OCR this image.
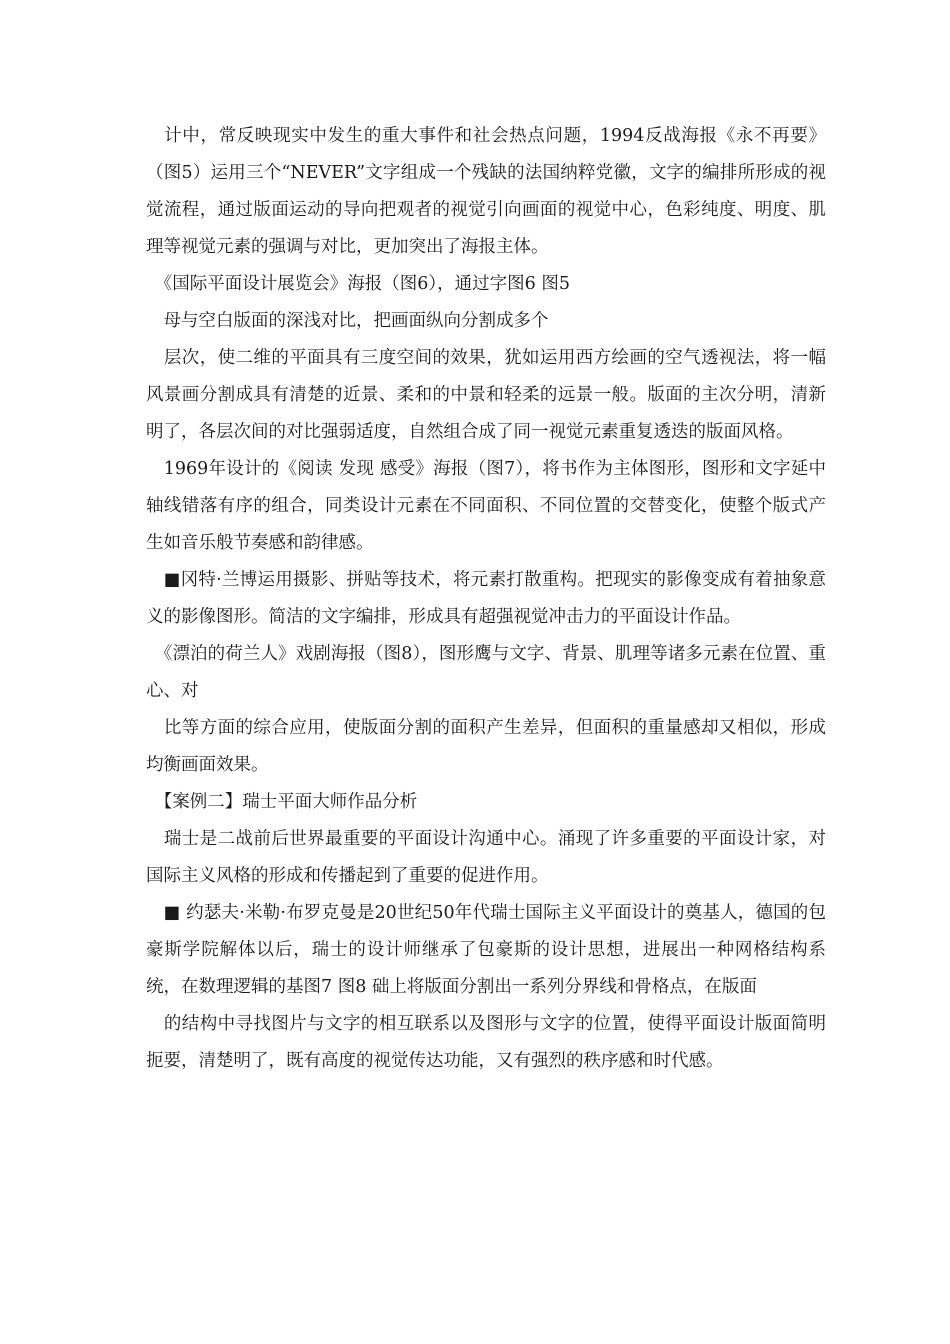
　计中，常反映现实中发生的重大事件和社会热点问题，1994反战海报《永不再要》（图5）运用三个“NEVER”文字组成一个残缺的法国纳粹党徽，文字的编排所形成的视觉流程，通过版面运动的导向把观者的视觉引向画面的视觉中心，色彩纯度、明度、肌理等视觉元素的强调与对比，更加突出了海报主体。

　《国际平面设计展览会》海报（图6），通过字图6 图5

　母与空白版面的深浅对比，把画面纵向分割成多个

　层次，使二维的平面具有三度空间的效果，犹如运用西方绘画的空气透视法，将一幅风景画分割成具有清楚的近景、柔和的中景和轻柔的远景一般。版面的主次分明，清新明了，各层次间的对比强弱适度，自然组合成了同一视觉元素重复透迭的版面风格。

　1969年设计的《阅读 发现 感受》海报（图7），将书作为主体图形，图形和文字延中轴线错落有序的组合，同类设计元素在不同面积、不同位置的交替变化，使整个版式产生如音乐般节奏感和韵律感。

　■冈特·兰博运用摄影、拼贴等技术，将元素打散重构。把现实的影像变成有着抽象意义的影像图形。简洁的文字编排，形成具有超强视觉冲击力的平面设计作品。

　《漂泊的荷兰人》戏剧海报（图8），图形鹰与文字、背景、肌理等诸多元素在位置、重心、对

　比等方面的综合应用，使版面分割的面积产生差异，但面积的重量感却又相似，形成均衡画面效果。

　【案例二】瑞士平面大师作品分析

　瑞士是二战前后世界最重要的平面设计沟通中心。涌现了许多重要的平面设计家，对国际主义风格的形成和传播起到了重要的促进作用。

　■ 约瑟夫·米勒·布罗克曼是20世纪50年代瑞士国际主义平面设计的奠基人，德国的包豪斯学院解体以后，瑞士的设计师继承了包豪斯的设计思想，进展出一种网格结构系统，在数理逻辑的基图7 图8 础上将版面分割出一系列分界线和骨格点，在版面

　的结构中寻找图片与文字的相互联系以及图形与文字的位置，使得平面设计版面简明扼要，清楚明了，既有高度的视觉传达功能，又有强烈的秩序感和时代感。
